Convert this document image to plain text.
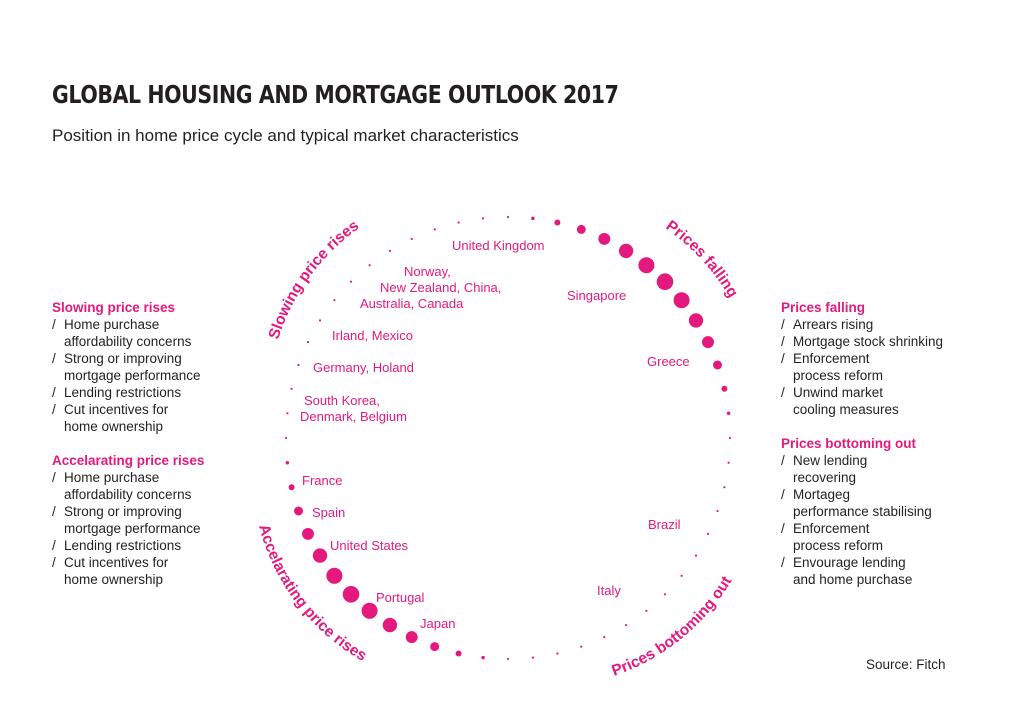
GLOBAL HOUSING AND MORTGAGE OUTLOOK 2017

Position in home price cycle and typical market characteristics

Slowing price rises
/ Home purchase
affordability concerns
/ Strong or improving
mortgage performance
/ Lending restrictions
/ Cut incentives for
home ownership
Accelarating price rises
/ Home purchase
affordability concerns
/ Strong or improving
mortgage performance
/ Lending restrictions
/ Cut incentives for
home ownership
Prices falling
/ Arrears rising
/ Mortgage stock shrinking
/ Enforcement
process reform
/ Unwind market
cooling measures
Prices bottoming out
/ New lending
recovering
/ Mortageg
performance stabilising
/ Enforcement
process reform
/ Envourage lending
and home purchase
Slowing price rises	Prices falling
Prices bottoming out
Accelarating price rises
United Kingdom
Norway,
New Zealand, China,
Australia, Canada
Singapore
Irland, Mexico
Germany, Holand	Greece
South Korea,
Denmark, Belgium
France
Spain
United States
Brazil
Italy
Portugal
Japan
Source: Fitch
